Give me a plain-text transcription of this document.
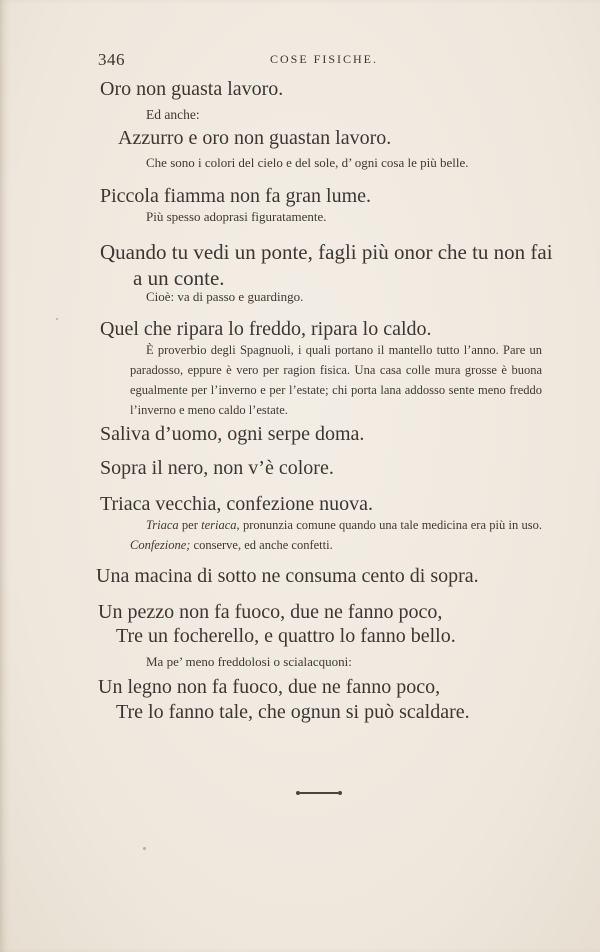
346	COSE FISICHE.
Oro non guasta lavoro.
Ed anche:
Azzurro e oro non guastan lavoro.
Che sono i colori del cielo e del sole, d’ ogni cosa le più belle.
Piccola fiamma non fa gran lume.
Più spesso adoprasi figuratamente.
Quando tu vedi un ponte, fagli più onor che tu non fai
a un conte.
Cioè: va di passo e guardingo.
Quel che ripara lo freddo, ripara lo caldo.
È proverbio degli Spagnuoli, i quali portano il mantello tutto l’anno. Pare un paradosso, eppure è vero per ragion fisica. Una casa colle mura grosse è buona egualmente per l’inverno e per l’estate; chi porta lana addosso sente meno freddo l’inverno e meno caldo l’estate.
Saliva d’uomo, ogni serpe doma.
Sopra il nero, non v’è colore.
Triaca vecchia, confezione nuova.
Triaca per teriaca, pronunzia comune quando una tale medicina era più in uso. Confezione; conserve, ed anche confetti.
Una macina di sotto ne consuma cento di sopra.
Un pezzo non fa fuoco, due ne fanno poco,
Tre un focherello, e quattro lo fanno bello.
Ma pe’ meno freddolosi o scialacquoni:
Un legno non fa fuoco, due ne fanno poco,
Tre lo fanno tale, che ognun si può scaldare.
